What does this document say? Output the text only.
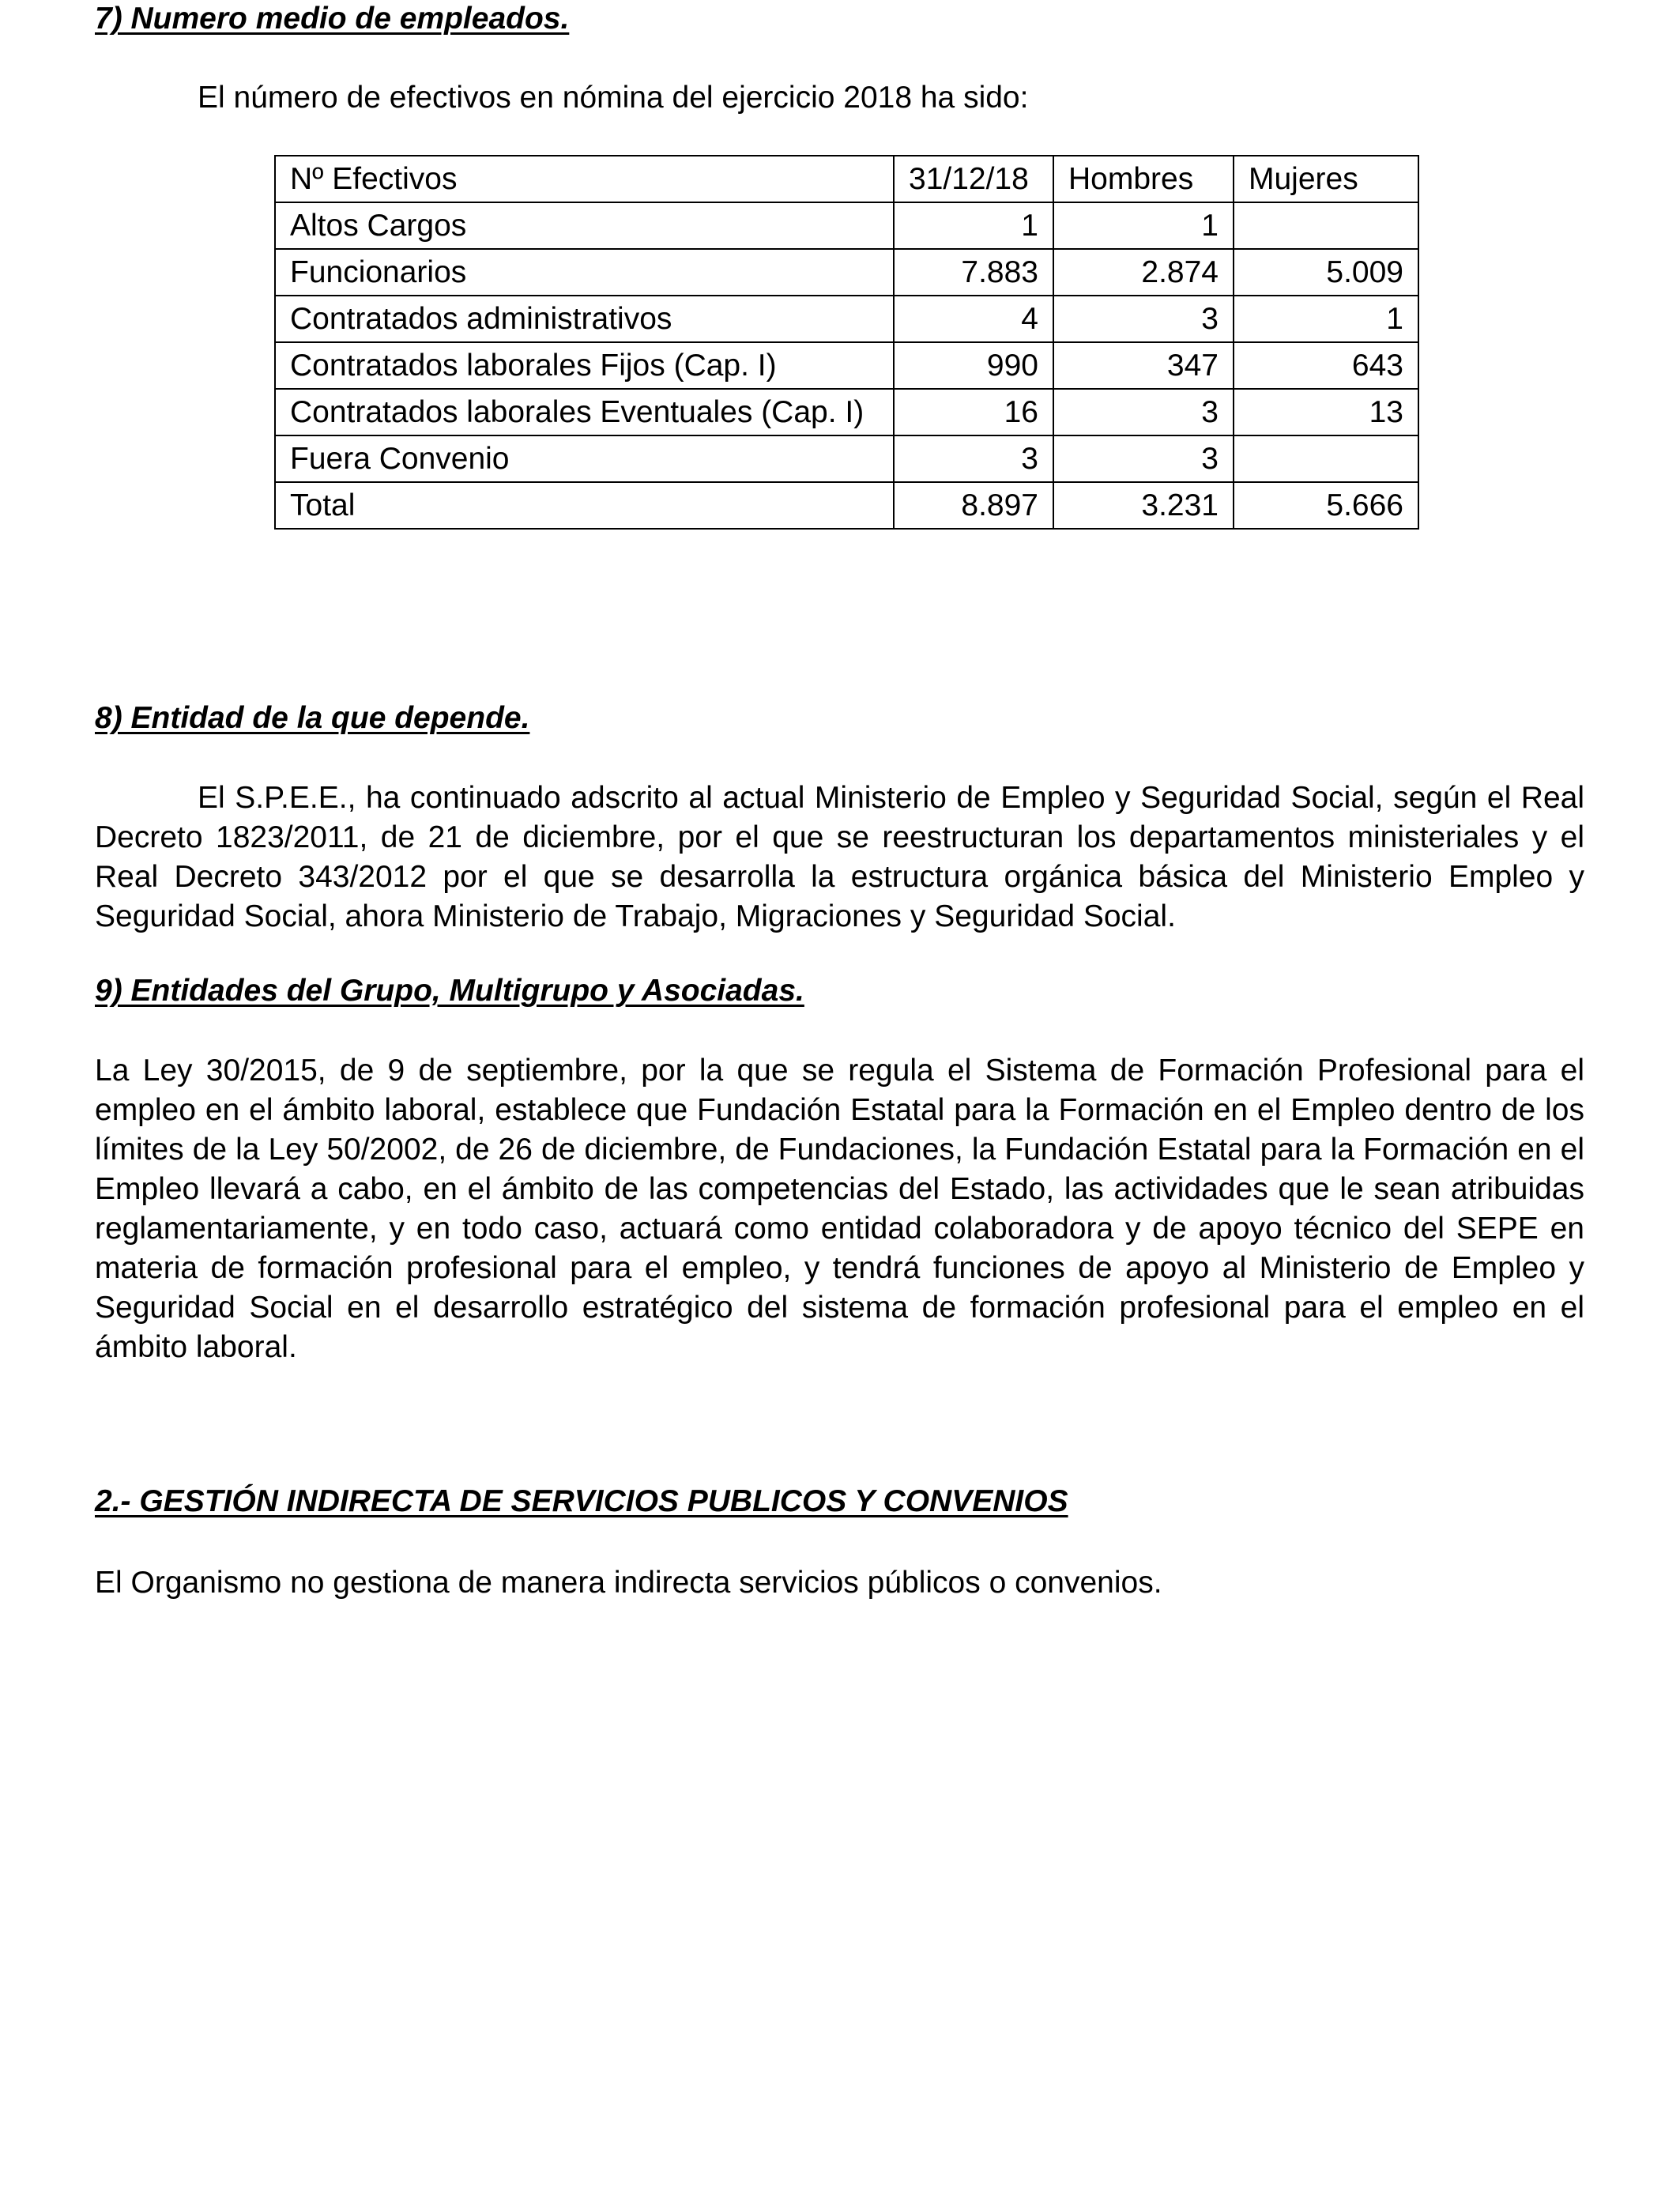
7) Numero medio de empleados.

El número de efectivos en nómina del ejercicio 2018 ha sido:

Nº Efectivos	31/12/18	Hombres	Mujeres
Altos Cargos	1	1	
Funcionarios	7.883	2.874	5.009
Contratados administrativos	4	3	1
Contratados laborales Fijos (Cap. I)	990	347	643
Contratados laborales Eventuales (Cap. I)	16	3	13
Fuera Convenio	3	3	
Total	8.897	3.231	5.666
8) Entidad de la que depende.

El S.P.E.E., ha continuado adscrito al actual Ministerio de Empleo y Seguridad Social, según el Real Decreto 1823/2011, de 21 de diciembre, por el que se reestructuran los departamentos ministeriales y el Real Decreto 343/2012 por el que se desarrolla la estructura orgánica básica del Ministerio Empleo y Seguridad Social, ahora Ministerio de Trabajo, Migraciones y Seguridad Social.

9) Entidades del Grupo, Multigrupo y Asociadas.

La Ley 30/2015, de 9 de septiembre, por la que se regula el Sistema de Formación Profesional para el empleo en el ámbito laboral, establece que Fundación Estatal para la Formación en el Empleo dentro de los límites de la Ley 50/2002, de 26 de diciembre, de Fundaciones, la Fundación Estatal para la Formación en el Empleo llevará a cabo, en el ámbito de las competencias del Estado, las actividades que le sean atribuidas reglamentariamente, y en todo caso, actuará como entidad colaboradora y de apoyo técnico del SEPE en materia de formación profesional para el empleo, y tendrá funciones de apoyo al Ministerio de Empleo y Seguridad Social en el desarrollo estratégico del sistema de formación profesional para el empleo en el ámbito laboral.

2.- GESTIÓN INDIRECTA DE SERVICIOS PUBLICOS Y CONVENIOS

El Organismo no gestiona de manera indirecta servicios públicos o convenios.
